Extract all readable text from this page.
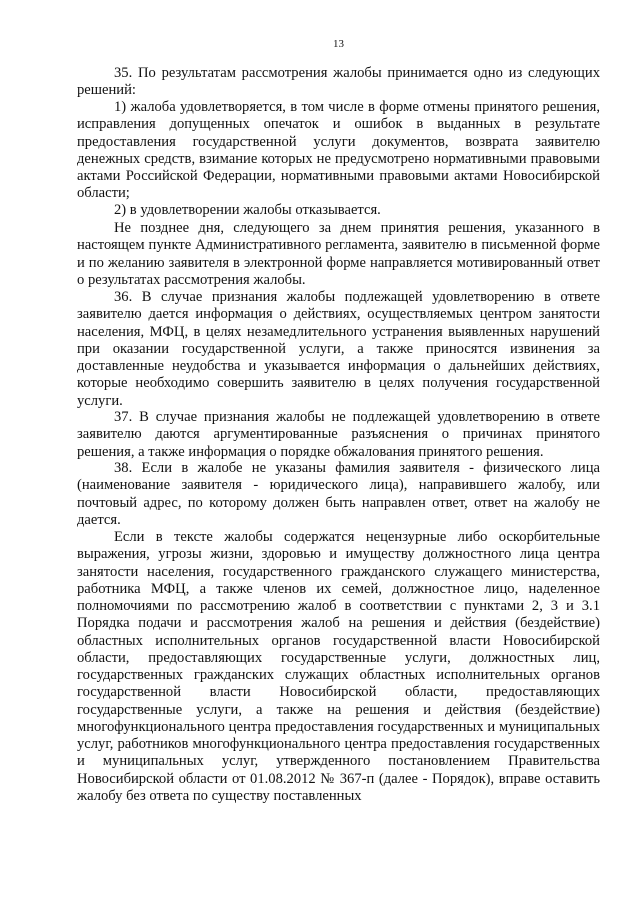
13

35. По результатам рассмотрения жалобы принимается одно из следующих решений:

1) жалоба удовлетворяется, в том числе в форме отмены принятого решения, исправления допущенных опечаток и ошибок в выданных в результате предоставления государственной услуги документов, возврата заявителю денежных средств, взимание которых не предусмотрено нормативными правовыми актами Российской Федерации, нормативными правовыми актами Новосибирской области;

2) в удовлетворении жалобы отказывается.

Не позднее дня, следующего за днем принятия решения, указанного в настоящем пункте Административного регламента, заявителю в письменной форме и по желанию заявителя в электронной форме направляется мотивированный ответ о результатах рассмотрения жалобы.

36. В случае признания жалобы подлежащей удовлетворению в ответе заявителю дается информация о действиях, осуществляемых центром занятости населения, МФЦ, в целях незамедлительного устранения выявленных нарушений при оказании государственной услуги, а также приносятся извинения за доставленные неудобства и указывается информация о дальнейших действиях, которые необходимо совершить заявителю в целях получения государственной услуги.

37. В случае признания жалобы не подлежащей удовлетворению в ответе заявителю даются аргументированные разъяснения о причинах принятого решения, а также информация о порядке обжалования принятого решения.

38. Если в жалобе не указаны фамилия заявителя - физического лица (наименование заявителя - юридического лица), направившего жалобу, или почтовый адрес, по которому должен быть направлен ответ, ответ на жалобу не дается.

Если в тексте жалобы содержатся нецензурные либо оскорбительные выражения, угрозы жизни, здоровью и имуществу должностного лица центра занятости населения, государственного гражданского служащего министерства, работника МФЦ, а также членов их семей, должностное лицо, наделенное полномочиями по рассмотрению жалоб в соответствии с пунктами 2, 3 и 3.1 Порядка подачи и рассмотрения жалоб на решения и действия (бездействие) областных исполнительных органов государственной власти Новосибирской области, предоставляющих государственные услуги, должностных лиц, государственных гражданских служащих областных исполнительных органов государственной власти Новосибирской области, предоставляющих государственные услуги, а также на решения и действия (бездействие) многофункционального центра предоставления государственных и муниципальных услуг, работников многофункционального центра предоставления государственных и муниципальных услуг, утвержденного постановлением Правительства Новосибирской области от 01.08.2012 № 367-п (далее - Порядок), вправе оставить жалобу без ответа по существу поставленных
